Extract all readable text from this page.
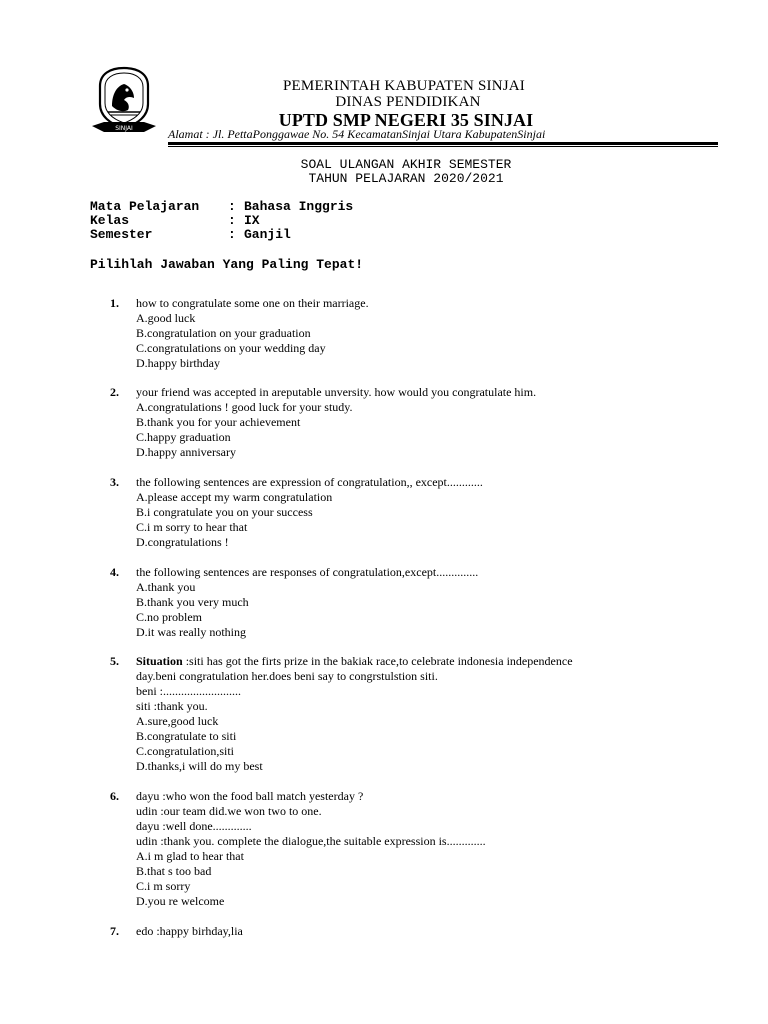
SINJAI
PEMERINTAH KABUPATEN SINJAI
DINAS PENDIDIKAN
UPTD SMP NEGERI 35 SINJAI
Alamat : Jl. PettaPonggawae No. 54 KecamatanSinjai Utara KabupatenSinjai
SOAL ULANGAN AKHIR SEMESTER
TAHUN PELAJARAN 2020/2021
Mata Pelajaran : Bahasa Inggris
Kelas	: IX
Semester	: Ganjil
Pilihlah Jawaban Yang Paling Tepat!
1.	how to congratulate some one on their marriage.
A.good luck
B.congratulation on your graduation
C.congratulations on your wedding day
D.happy birthday
2.	your friend was accepted in areputable unversity. how would you congratulate him.
A.congratulations ! good luck for your study.
B.thank you for your achievement
C.happy graduation
D.happy anniversary
3.	the following sentences are expression of congratulation,, except............
A.please accept my warm congratulation
B.i congratulate you on your success
C.i m sorry to hear that
D.congratulations !
4.	the following sentences are responses of congratulation,except..............
A.thank you
B.thank you very much
C.no problem
D.it was really nothing
5.	Situation :siti has got the firts prize in the bakiak race,to celebrate indonesia independence
day.beni congratulation her.does beni say to congrstulstion siti.
beni :..........................
siti :thank you.
A.sure,good luck
B.congratulate to siti
C.congratulation,siti
D.thanks,i will do my best
6.	dayu :who won the food ball match yesterday ?
udin :our team did.we won two to one.
dayu :well done.............
udin :thank you. complete the dialogue,the suitable expression is.............
A.i m glad to hear that
B.that s too bad
C.i m sorry
D.you re welcome
7.	edo :happy birhday,lia
